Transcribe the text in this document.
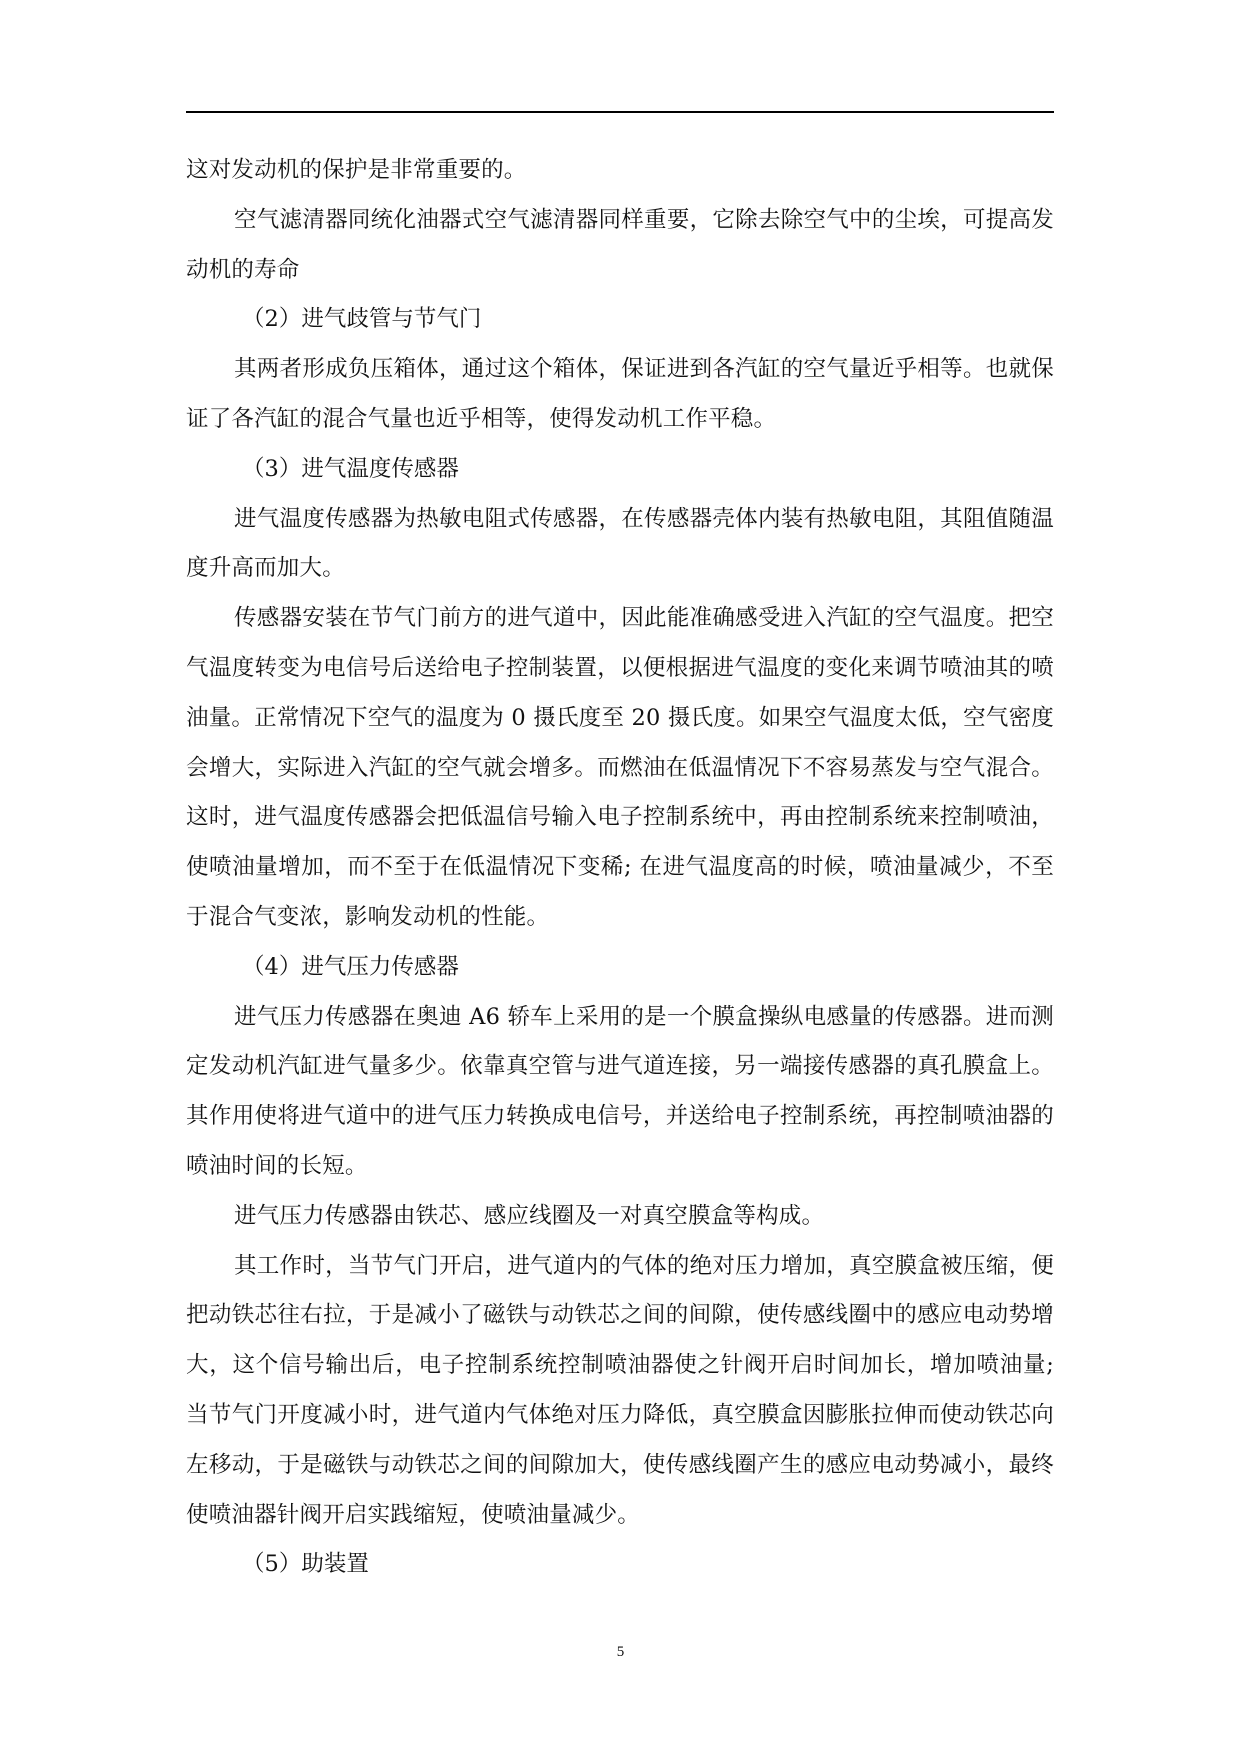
这对发动机的保护是非常重要的。

空气滤清器同统化油器式空气滤清器同样重要，它除去除空气中的尘埃，可提高发动机的寿命

（2）进气歧管与节气门

其两者形成负压箱体，通过这个箱体，保证进到各汽缸的空气量近乎相等。也就保证了各汽缸的混合气量也近乎相等，使得发动机工作平稳。

（3）进气温度传感器

进气温度传感器为热敏电阻式传感器，在传感器壳体内装有热敏电阻，其阻值随温度升高而加大。

传感器安装在节气门前方的进气道中，因此能准确感受进入汽缸的空气温度。把空气温度转变为电信号后送给电子控制装置，以便根据进气温度的变化来调节喷油其的喷油量。正常情况下空气的温度为 0 摄氏度至 20 摄氏度。如果空气温度太低，空气密度会增大，实际进入汽缸的空气就会增多。而燃油在低温情况下不容易蒸发与空气混合。这时，进气温度传感器会把低温信号输入电子控制系统中，再由控制系统来控制喷油，使喷油量增加，而不至于在低温情况下变稀; 在进气温度高的时候，喷油量减少，不至于混合气变浓，影响发动机的性能。

（4）进气压力传感器

进气压力传感器在奥迪 A6 轿车上采用的是一个膜盒操纵电感量的传感器。进而测定发动机汽缸进气量多少。依靠真空管与进气道连接，另一端接传感器的真孔膜盒上。其作用使将进气道中的进气压力转换成电信号，并送给电子控制系统，再控制喷油器的喷油时间的长短。

进气压力传感器由铁芯、感应线圈及一对真空膜盒等构成。

其工作时，当节气门开启，进气道内的气体的绝对压力增加，真空膜盒被压缩，便把动铁芯往右拉，于是减小了磁铁与动铁芯之间的间隙，使传感线圈中的感应电动势增大，这个信号输出后，电子控制系统控制喷油器使之针阀开启时间加长，增加喷油量; 当节气门开度减小时，进气道内气体绝对压力降低，真空膜盒因膨胀拉伸而使动铁芯向左移动，于是磁铁与动铁芯之间的间隙加大，使传感线圈产生的感应电动势减小，最终使喷油器针阀开启实践缩短，使喷油量减少。

（5）助装置

5
